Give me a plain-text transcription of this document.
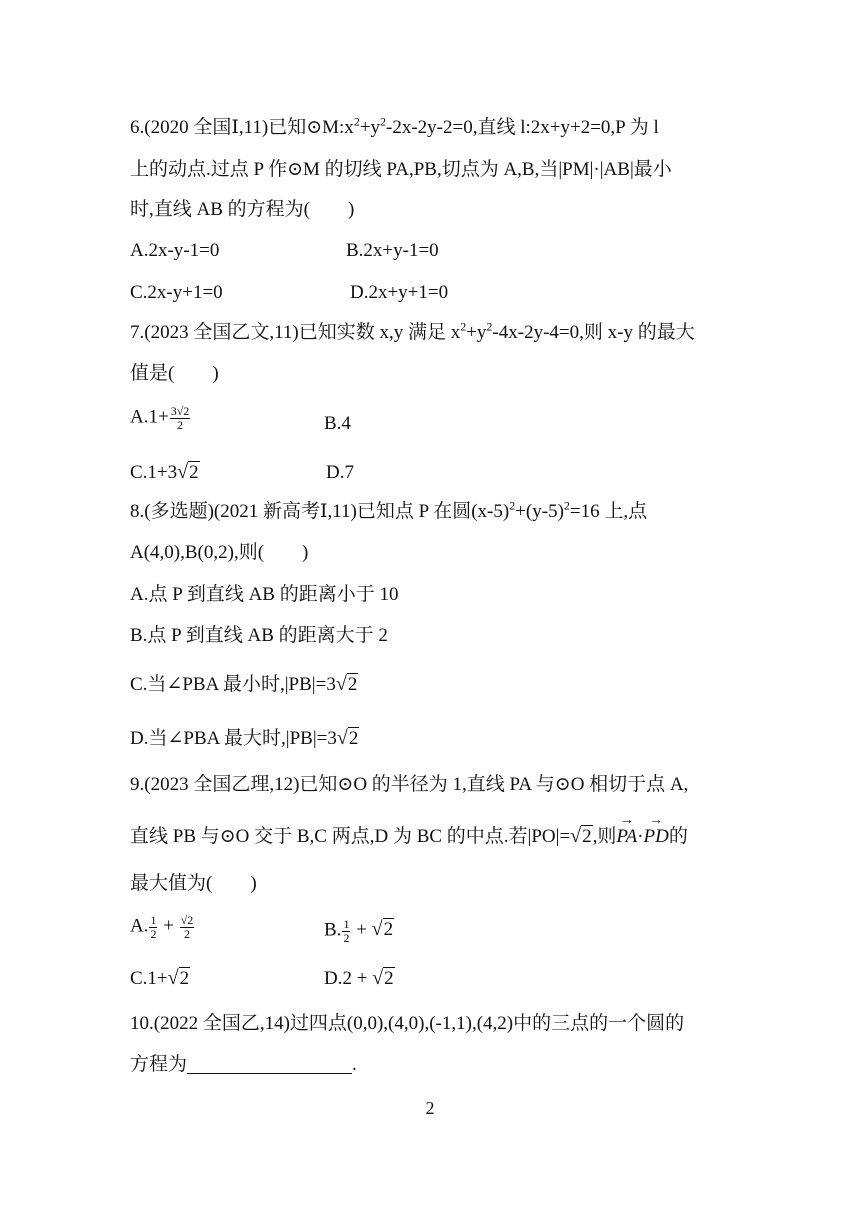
6.(2020 全国Ⅰ,11)已知$⊙M:x^2+y^2-2x-2y-2=0$,直线 l:2x+y+2=0,P 为 l
上的动点.过点 P 作⊙M 的切线 PA,PB,切点为 A,B,当|PM|·|AB|最小
时,直线 AB 的方程为(　　)
A.2x-y-1=0	B.2x+y-1=0
C.2x-y+1=0	D.2x+y+1=0
7.(2023 全国乙文,11)已知实数 x,y 满足 $x^2+y^2-4x-2y-4=0$,则 x-y 的最大
值是(　　)
$A.1+ \frac{3√2}{2}$	B.4
C.1+3√2	D.7
8.(多选题)(2021 新高考Ⅰ,11)已知点 P 在圆$(x-5)^2+(y-5)^2=16$ 上,点
A(4,0),B(0,2),则(　　)
A.点 P 到直线 AB 的距离小于 10
B.点 P 到直线 AB 的距离大于 2
C.当∠PBA 最小时,|PB|=3√2
D.当∠PBA 最大时,|PB|=3√2
9.(2023 全国乙理,12)已知⊙O 的半径为 1,直线 PA 与⊙O 相切于点 A,
直线 PB 与⊙O 交于 B,C 两点,D 为 BC 的中点.若|PO|=√2,则→ PA·→ PD的
最大值为(　　)
A. $\frac{1}{2} + \frac{√2}{2}$	B. $\frac{1}{2} + √2$
C.1+√2	D.2 + √2
10.(2022 全国乙,14)过四点(0,0),(4,0),(-1,1),(4,2)中的三点的一个圆的
方程为	.
2
